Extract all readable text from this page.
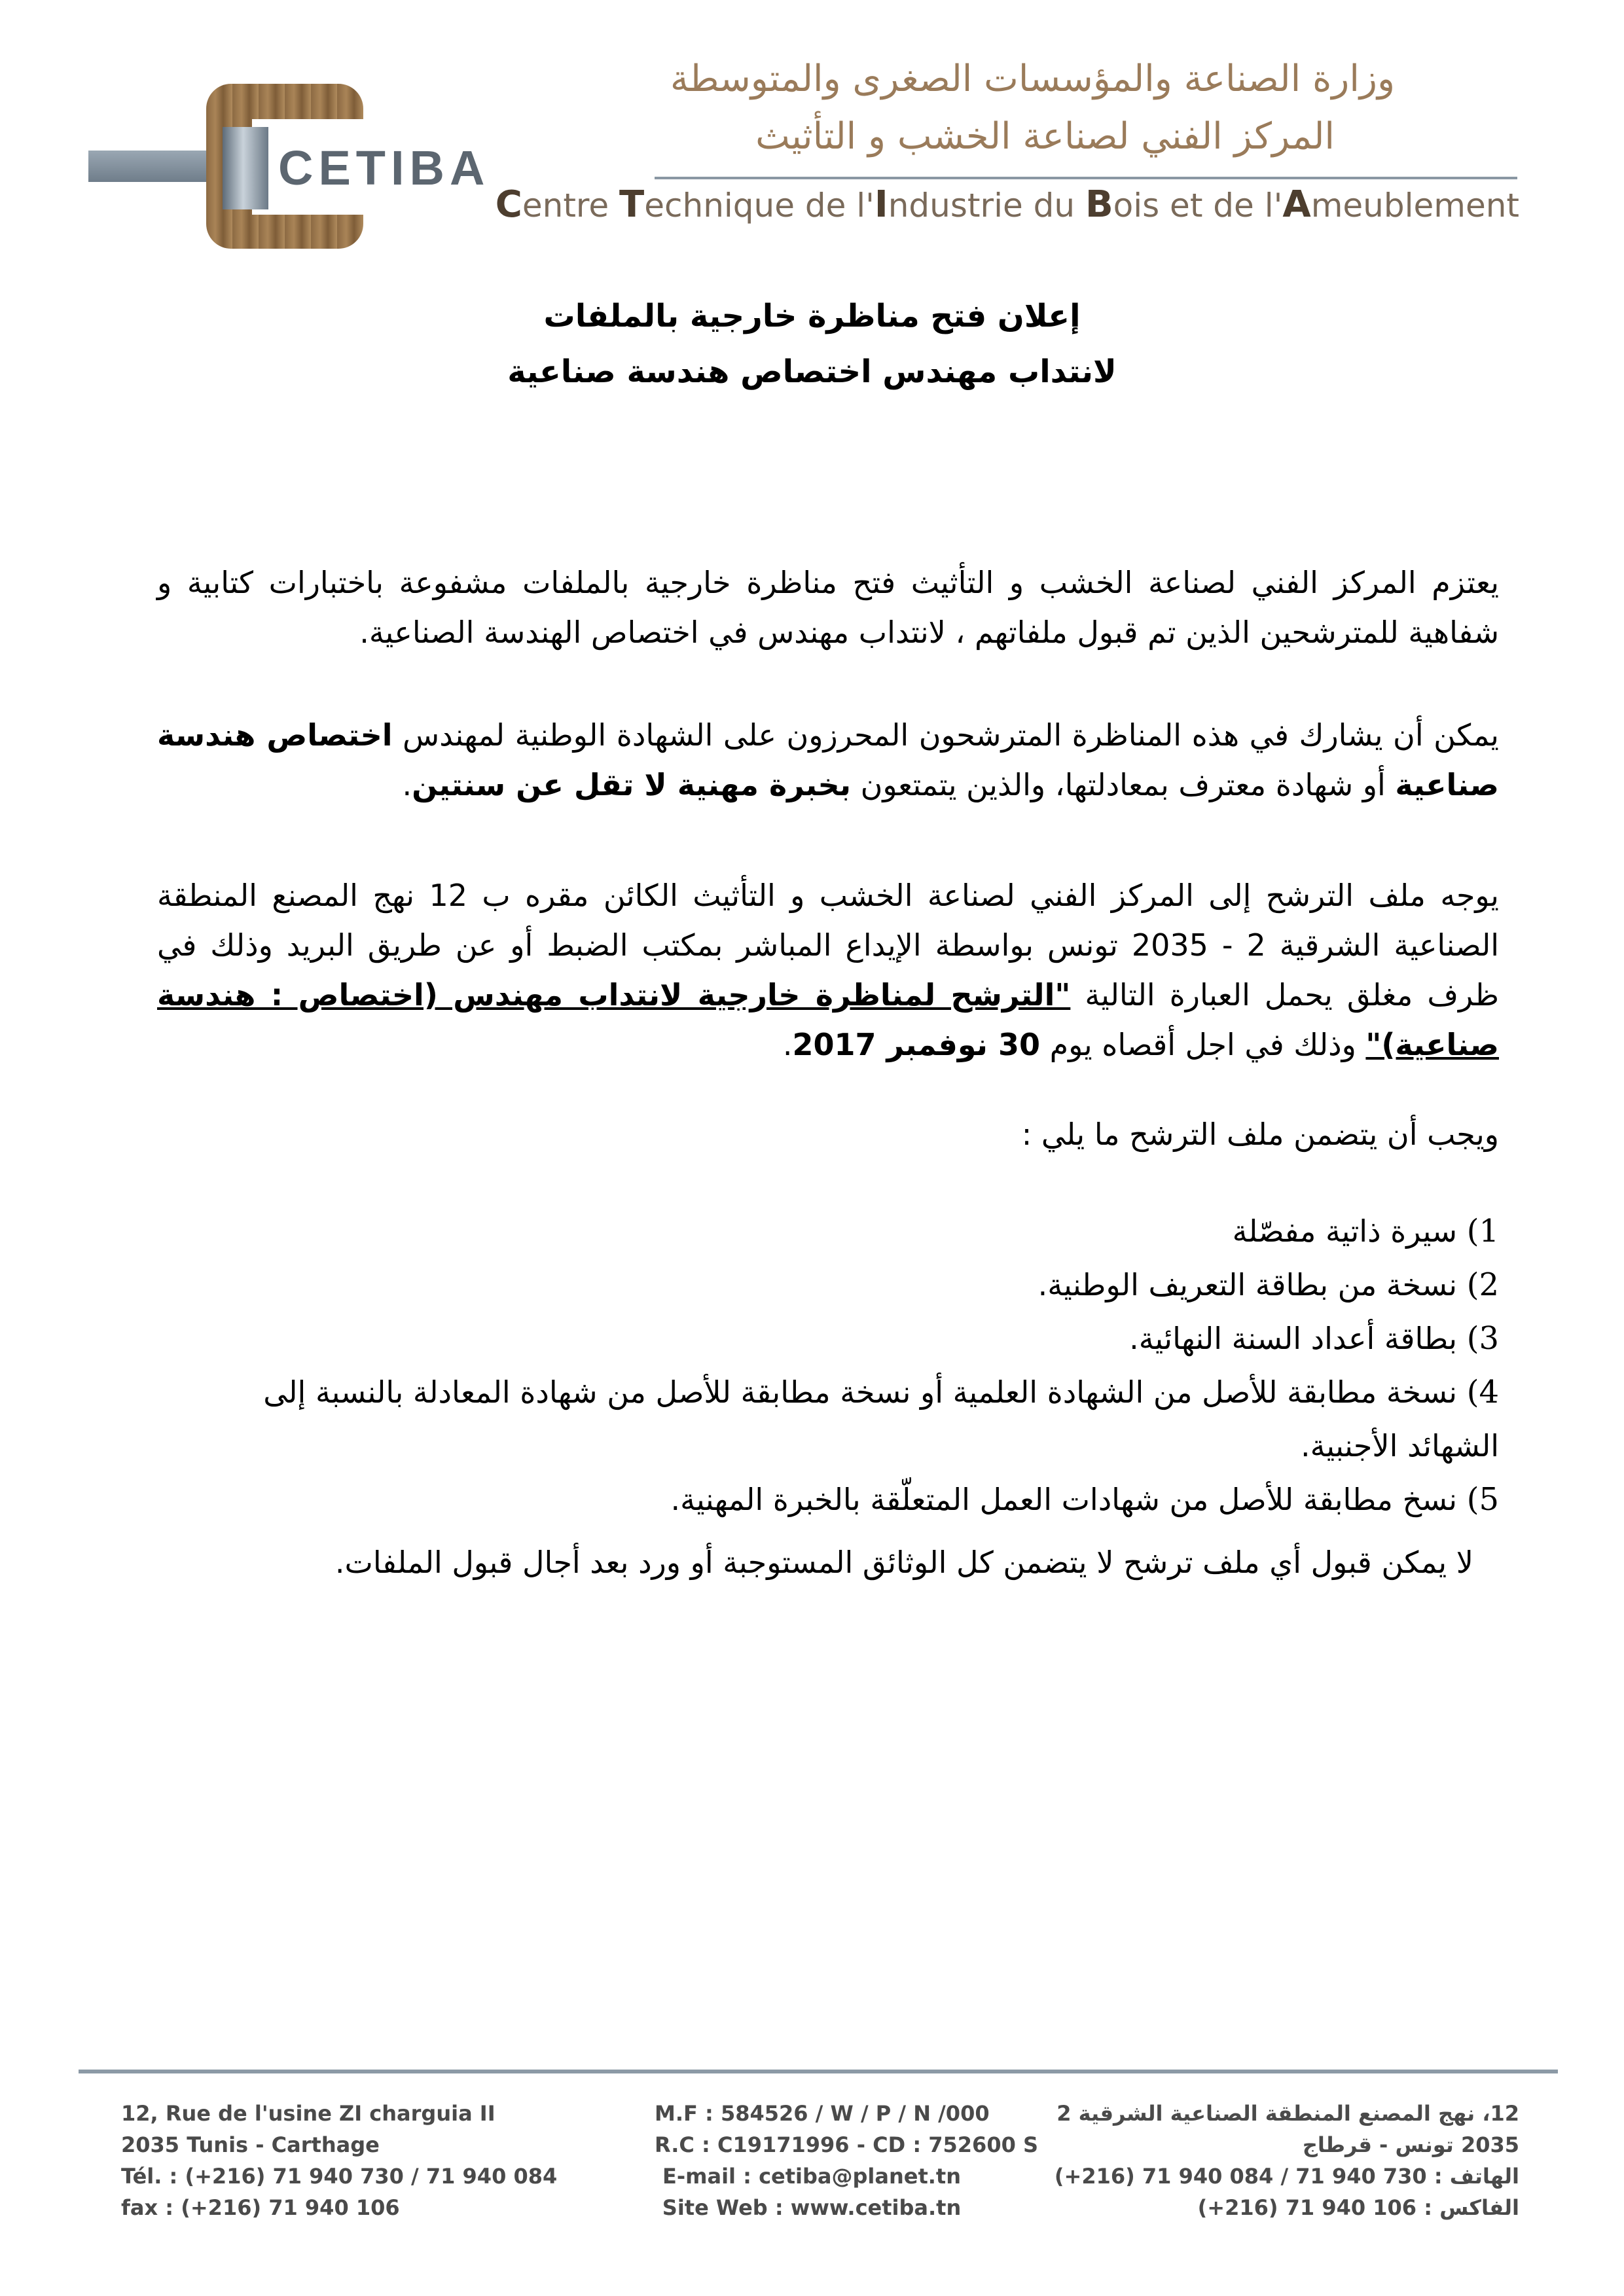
CETIBA
وزارة الصناعة والمؤسسات الصغرى والمتوسطة
المركز الفني لصناعة الخشب و التأثيث
Centre Technique de l'Industrie du Bois et de l'Ameublement
إعلان فتح مناظرة خارجية بالملفات
لانتداب مهندس اختصاص هندسة صناعية
يعتزم المركز الفني لصناعة الخشب و التأثيث فتح مناظرة خارجية بالملفات مشفوعة باختبارات كتابية و شفاهية للمترشحين الذين تم قبول ملفاتهم ، لانتداب مهندس في اختصاص الهندسة الصناعية.
يمكن أن يشارك في هذه المناظرة المترشحون المحرزون على الشهادة الوطنية لمهندس اختصاص هندسة صناعية أو شهادة معترف بمعادلتها، والذين يتمتعون بخبرة مهنية لا تقل عن سنتين.
يوجه ملف الترشح إلى المركز الفني لصناعة الخشب و التأثيث الكائن مقره ب 12 نهج المصنع المنطقة الصناعية الشرقية 2 - 2035 تونس بواسطة الإيداع المباشر بمكتب الضبط أو عن طريق البريد وذلك في ظرف مغلق يحمل العبارة التالية "الترشح لمناظرة خارجية لانتداب مهندس (اختصاص : هندسة صناعية)" وذلك في اجل أقصاه يوم 30 نوفمبر 2017.
ويجب أن يتضمن ملف الترشح ما يلي :
1) سيرة ذاتية مفصّلة
2) نسخة من بطاقة التعريف الوطنية.
3) بطاقة أعداد السنة النهائية.
4) نسخة مطابقة للأصل من الشهادة العلمية أو نسخة مطابقة للأصل من شهادة المعادلة بالنسبة إلى الشهائد الأجنبية.
5) نسخ مطابقة للأصل من شهادات العمل المتعلّقة بالخبرة المهنية.
لا يمكن قبول أي ملف ترشح لا يتضمن كل الوثائق المستوجبة أو ورد بعد أجال قبول الملفات.
12, Rue de l'usine ZI charguia II
2035 Tunis - Carthage
Tél. : (+216) 71 940 730 / 71 940 084
fax : (+216) 71 940 106
M.F : 584526 / W / P / N /000
R.C : C19171996 - CD : 752600 S
E-mail : cetiba@planet.tn
Site Web : www.cetiba.tn
12، نهج المصنع المنطقة الصناعية الشرقية 2
2035 تونس - قرطاج
الهاتف : 730 940 71 / 084 940 71 (216+)
الفاكس : 106 940 71 (216+)
